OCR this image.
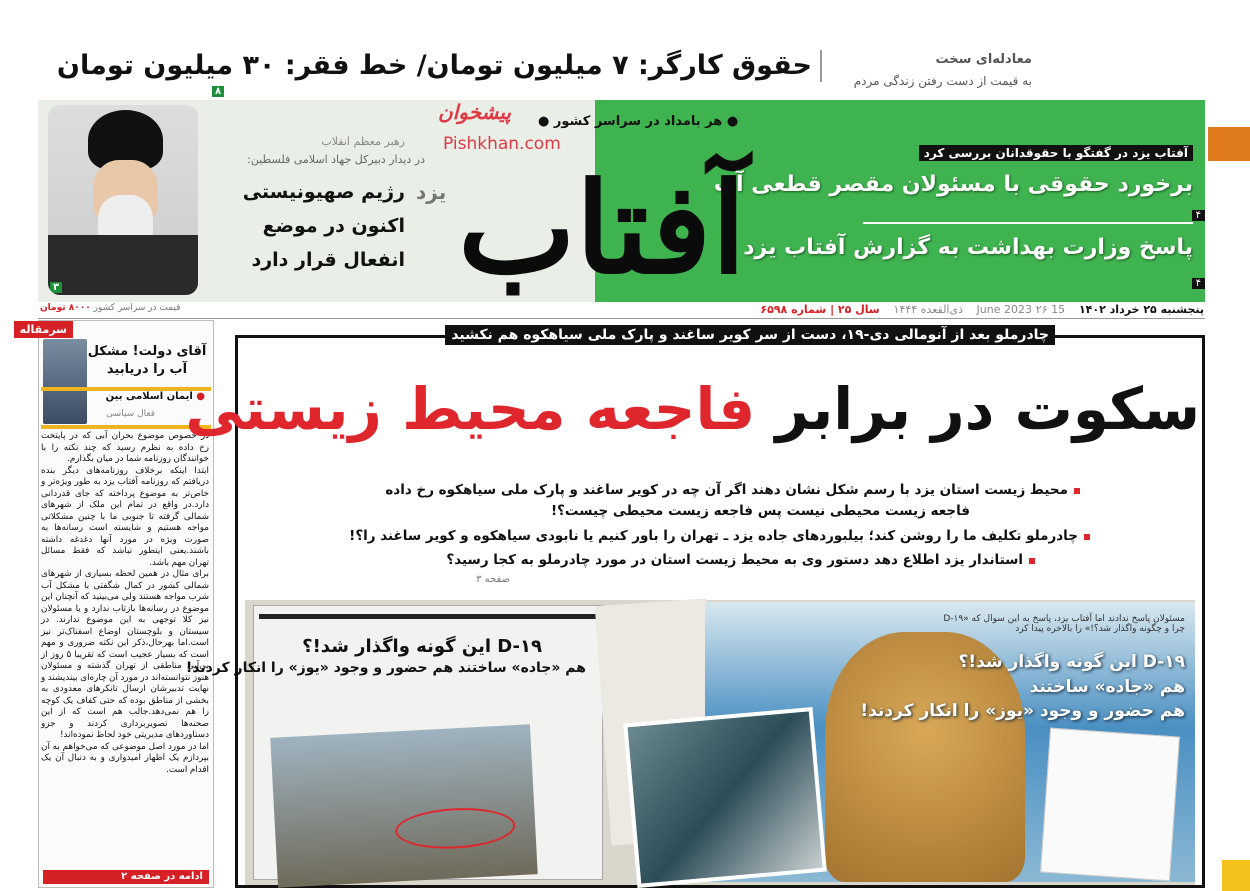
معادله‌ای سخت
به قیمت از دست رفتن زندگی مردم
حقوق کارگر: ۷ میلیون تومان/ خط فقر: ۳۰ میلیون تومان
۸
آفتاب یزد در گفتگو با حقوقدانان بررسی کرد
برخورد حقوقی با مسئولان مقصر قطعی آب
۴
پاسخ وزارت بهداشت به گزارش آفتاب یزد
۴
آفتاب
یزد
● هر بامداد در سراسر کشور ●
پیشخوان
Pishkhan.com
۳
رهبر معظم انقلاب
در دیدار دبیرکل جهاد اسلامی فلسطین:
رژیم صهیونیستی
اکنون در موضع
انفعال قرار دارد
پنجشنبه ۲۵ خرداد ۱۴۰۲ 15 June 2023 ۲۶ ذی‌القعده ۱۴۴۴ سال ۲۵ | شماره ۶۵۹۸
قیمت در سراسر کشور ۸۰۰۰ تومان
سرمقاله
آقای دولت! مشکل آب را دریابید
● ایمان اسلامی بین
فعال سیاسی

در خصوص موضوع بحران آبی که در پایتخت رخ داده به نظرم رسید که چند نکته را با خوانندگان روزنامه شما در میان بگذارم.

ابتدا اینکه برخلاف روزنامه‌های دیگر بنده دریافتم که روزنامه آفتاب یزد به طور ویژه‌تر و خاص‌تر به موضوع پرداخته که جای قدردانی دارد.در واقع در تمام این ملک از شهرهای شمالی گرفته تا جنوبی ما با چنین مشکلاتی مواجه هستیم و شایسته است رسانه‌ها به صورت ویژه در مورد آنها دغدغه داشته باشند.یعنی اینطور نباشد که فقط مسائل تهران مهم باشد.

برای مثال در همین لحظه بسیاری از شهرهای شمالی کشور در کمال شگفتی با مشکل آب شرب مواجه هستند ولی می‌بینید که آنچنان این موضوع در رسانه‌ها بازتاب ندارد و یا مسئولان نیز کلا توجهی به این موضوع ندارند. در سیستان و بلوچستان اوضاع اسفناک‌تر نیز است.اما بهرحال،ذکر این نکته ضروری و مهم است که بسیار عجیب است که تقریبا ۵ روز از بی‌آبی مناطقی از تهران گذشته و مسئولان هنوز نتوانسته‌اند در مورد آن چاره‌ای بیندیشند و نهایت تدبیرشان ارسال تانکرهای معدودی به بخشی از مناطق بوده که حتی کفاف یک کوچه را هم نمی‌دهد.جالب هم است که از این صحنه‌ها تصویربرداری کردند و جزو دستاوردهای مدیریتی خود لحاظ نموده‌اند!

اما در مورد اصل موضوعی که می‌خواهم به آن بپردازم یک اظهار امیدواری و به دنبال آن یک اقدام است.

ادامه در صفحه ۲
چادرملو بعد از آنومالی دی-۱۹، دست از سر کویر ساغند و پارک ملی سیاهکوه هم نکشید
سکوت در برابر فاجعه محیط زیستی
محیط زیست استان یزد با رسم شکل نشان دهند اگر آن چه در کویر ساغند و پارک ملی سیاهکوه رخ داده
فاجعه زیست محیطی نیست پس فاجعه زیست محیطی چیست؟!
چادرملو تکلیف ما را روشن کند؛ بیلبوردهای جاده یزد ـ تهران را باور کنیم یا نابودی سیاهکوه و کویر ساغند را؟!
استاندار یزد اطلاع دهد دستور وی به محیط زیست استان در مورد چادرملو به کجا رسید؟
صفحه ۳
D-۱۹ این گونه واگذار شد!؟
هم «جاده» ساختند هم حضور و وجود «یوز» را انکار کردند!
مسئولان پاسخ ندادند اما آفتاب یزد، پاسخ به این سوال که «D-۱۹ چرا و چگونه واگذار شد؟!» را بالاخره پیدا کرد
D-۱۹ این گونه واگذار شد!؟
هم «جاده» ساختند
هم حضور و وجود «یوز» را انکار کردند!
